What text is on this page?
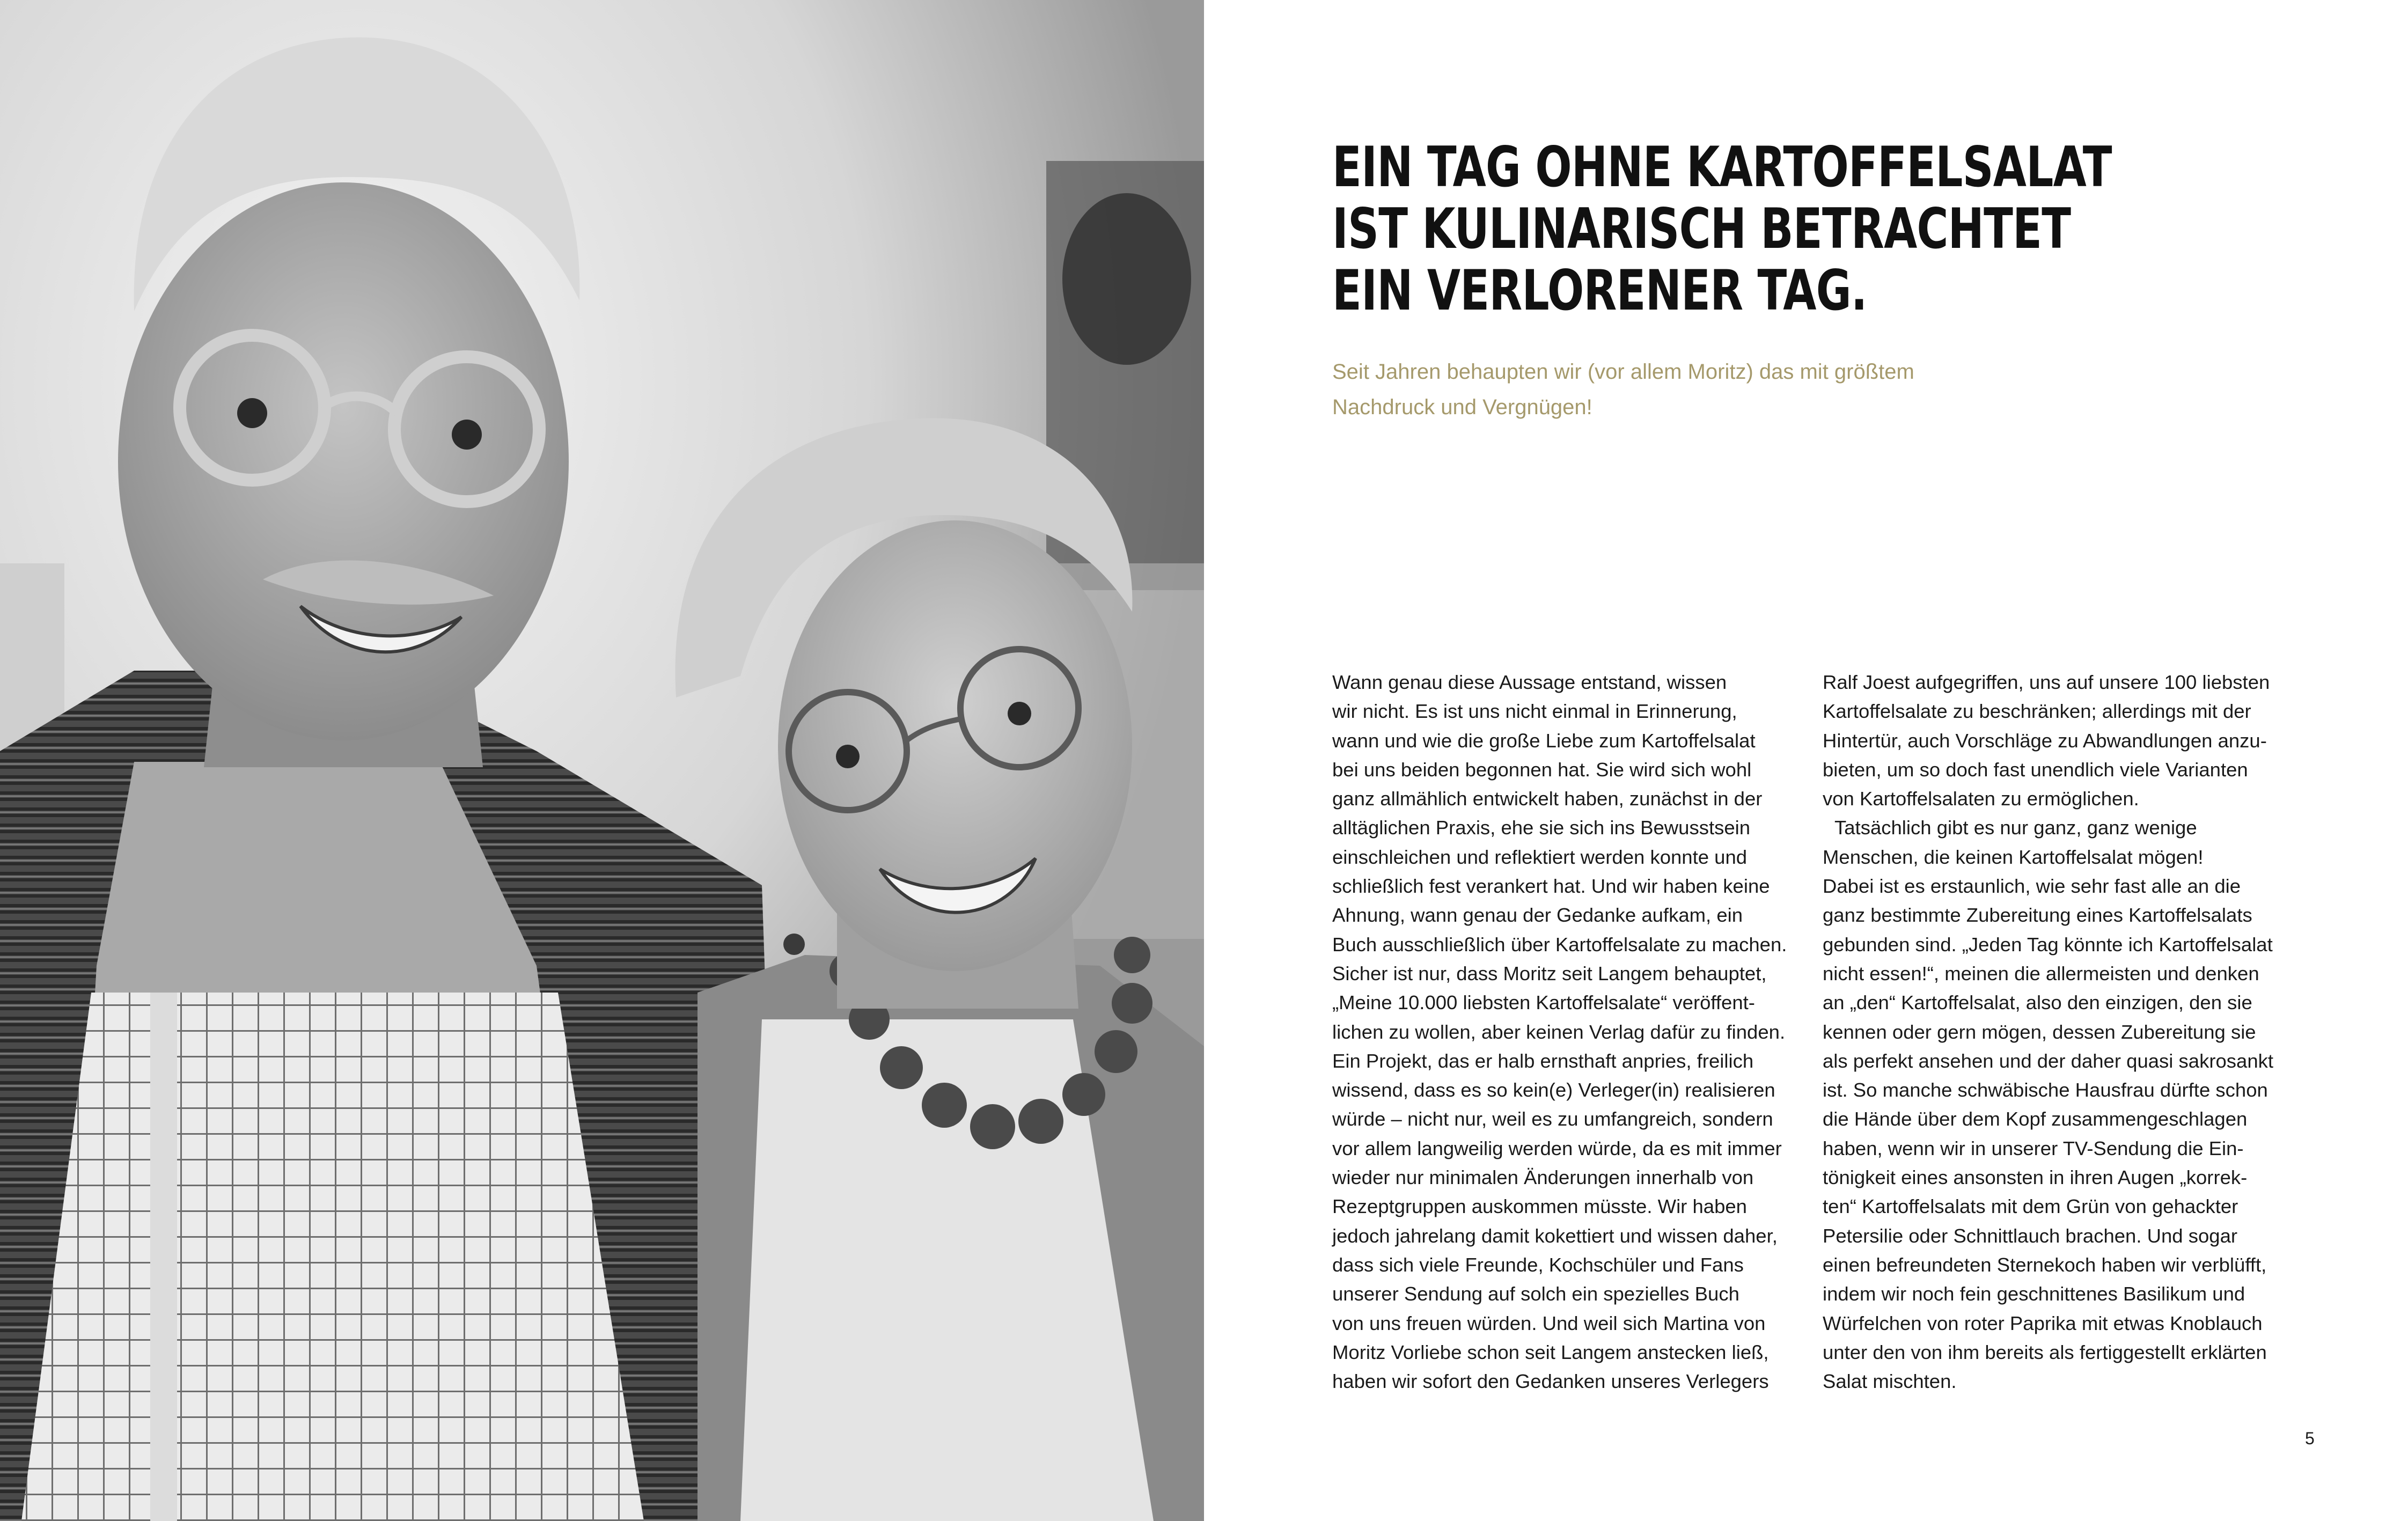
EIN TAG OHNE KARTOFFELSALAT
IST KULINARISCH BETRACHTET
EIN VERLORENER TAG.

Seit Jahren behaupten wir (vor allem Moritz) das mit größtem
Nachdruck und Vergnügen!

Wann genau diese Aussage entstand, wissen
wir nicht. Es ist uns nicht einmal in Erinnerung,
wann und wie die große Liebe zum Kartoffelsalat
bei uns beiden begonnen hat. Sie wird sich wohl
ganz allmählich entwickelt haben, zunächst in der
alltäglichen Praxis, ehe sie sich ins Bewusstsein
einschleichen und reflektiert werden konnte und
schließlich fest verankert hat. Und wir haben keine
Ahnung, wann genau der Gedanke aufkam, ein
Buch ausschließlich über Kartoffelsalate zu machen.
Sicher ist nur, dass Moritz seit Langem behauptet,
„Meine 10.000 liebsten Kartoffelsalate“ veröffent-
lichen zu wollen, aber keinen Verlag dafür zu finden.
Ein Projekt, das er halb ernsthaft anpries, freilich
wissend, dass es so kein(e) Verleger(in) realisieren
würde – nicht nur, weil es zu umfangreich, sondern
vor allem langweilig werden würde, da es mit immer
wieder nur minimalen Änderungen innerhalb von
Rezeptgruppen auskommen müsste. Wir haben
jedoch jahrelang damit kokettiert und wissen daher,
dass sich viele Freunde, Kochschüler und Fans
unserer Sendung auf solch ein spezielles Buch
von uns freuen würden. Und weil sich Martina von
Moritz Vorliebe schon seit Langem anstecken ließ,
haben wir sofort den Gedanken unseres Verlegers
Ralf Joest aufgegriffen, uns auf unsere 100 liebsten
Kartoffelsalate zu beschränken; allerdings mit der
Hintertür, auch Vorschläge zu Abwandlungen anzu-
bieten, um so doch fast unendlich viele Varianten
von Kartoffelsalaten zu ermöglichen.
Tatsächlich gibt es nur ganz, ganz wenige
Menschen, die keinen Kartoffelsalat mögen!
Dabei ist es erstaunlich, wie sehr fast alle an die
ganz bestimmte Zubereitung eines Kartoffelsalats
gebunden sind. „Jeden Tag könnte ich Kartoffelsalat
nicht essen!“, meinen die allermeisten und denken
an „den“ Kartoffelsalat, also den einzigen, den sie
kennen oder gern mögen, dessen Zubereitung sie
als perfekt ansehen und der daher quasi sakrosankt
ist. So manche schwäbische Hausfrau dürfte schon
die Hände über dem Kopf zusammengeschlagen
haben, wenn wir in unserer TV-Sendung die Ein-
tönigkeit eines ansonsten in ihren Augen „korrek-
ten“ Kartoffelsalats mit dem Grün von gehackter
Petersilie oder Schnittlauch brachen. Und sogar
einen befreundeten Sternekoch haben wir verblüfft,
indem wir noch fein geschnittenes Basilikum und
Würfelchen von roter Paprika mit etwas Knoblauch
unter den von ihm bereits als fertiggestellt erklärten
Salat mischten.
5
